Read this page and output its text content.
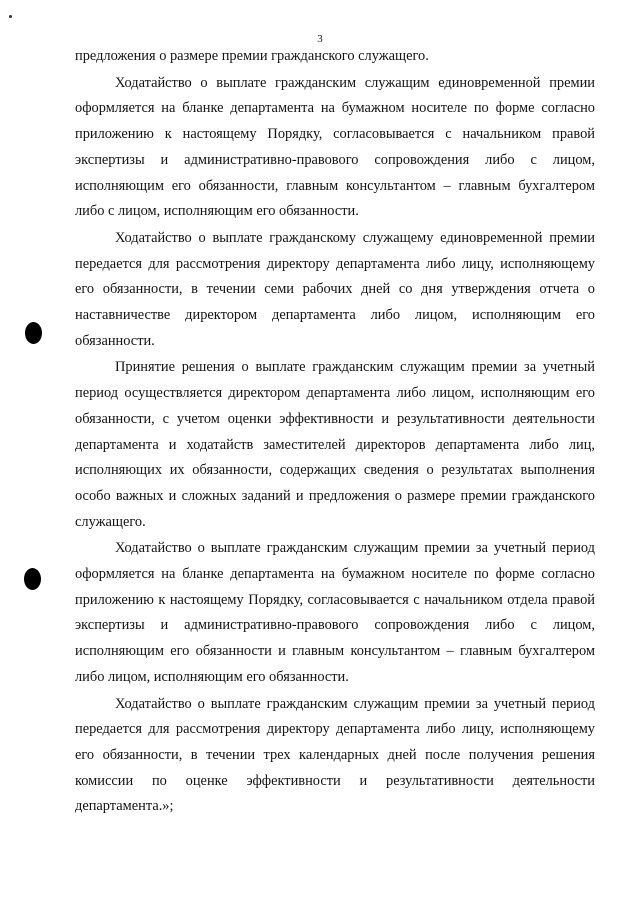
3

предложения о размере премии гражданского служащего.

Ходатайство о выплате гражданским служащим единовременной премии оформляется на бланке департамента на бумажном носителе по форме согласно приложению к настоящему Порядку, согласовывается с начальником правой экспертизы и административно-правового сопровождения либо с лицом, исполняющим его обязанности, главным консультантом – главным бухгалтером либо с лицом, исполняющим его обязанности.

Ходатайство о выплате гражданскому служащему единовременной премии передается для рассмотрения директору департамента либо лицу, исполняющему его обязанности, в течении семи рабочих дней со дня утверждения отчета о наставничестве директором департамента либо лицом, исполняющим его обязанности.

Принятие решения о выплате гражданским служащим премии за учетный период осуществляется директором департамента либо лицом, исполняющим его обязанности, с учетом оценки эффективности и результативности деятельности департамента и ходатайств заместителей директоров департамента либо лиц, исполняющих их обязанности, содержащих сведения о результатах выполнения особо важных и сложных заданий и предложения о размере премии гражданского служащего.

Ходатайство о выплате гражданским служащим премии за учетный период оформляется на бланке департамента на бумажном носителе по форме согласно приложению к настоящему Порядку, согласовывается с начальником отдела правой экспертизы и административно-правового сопровождения либо с лицом, исполняющим его обязанности и главным консультантом – главным бухгалтером либо лицом, исполняющим его обязанности.

Ходатайство о выплате гражданским служащим премии за учетный период передается для рассмотрения директору департамента либо лицу, исполняющему его обязанности, в течении трех календарных дней после получения решения комиссии по оценке эффективности и результативности деятельности департамента.»;
